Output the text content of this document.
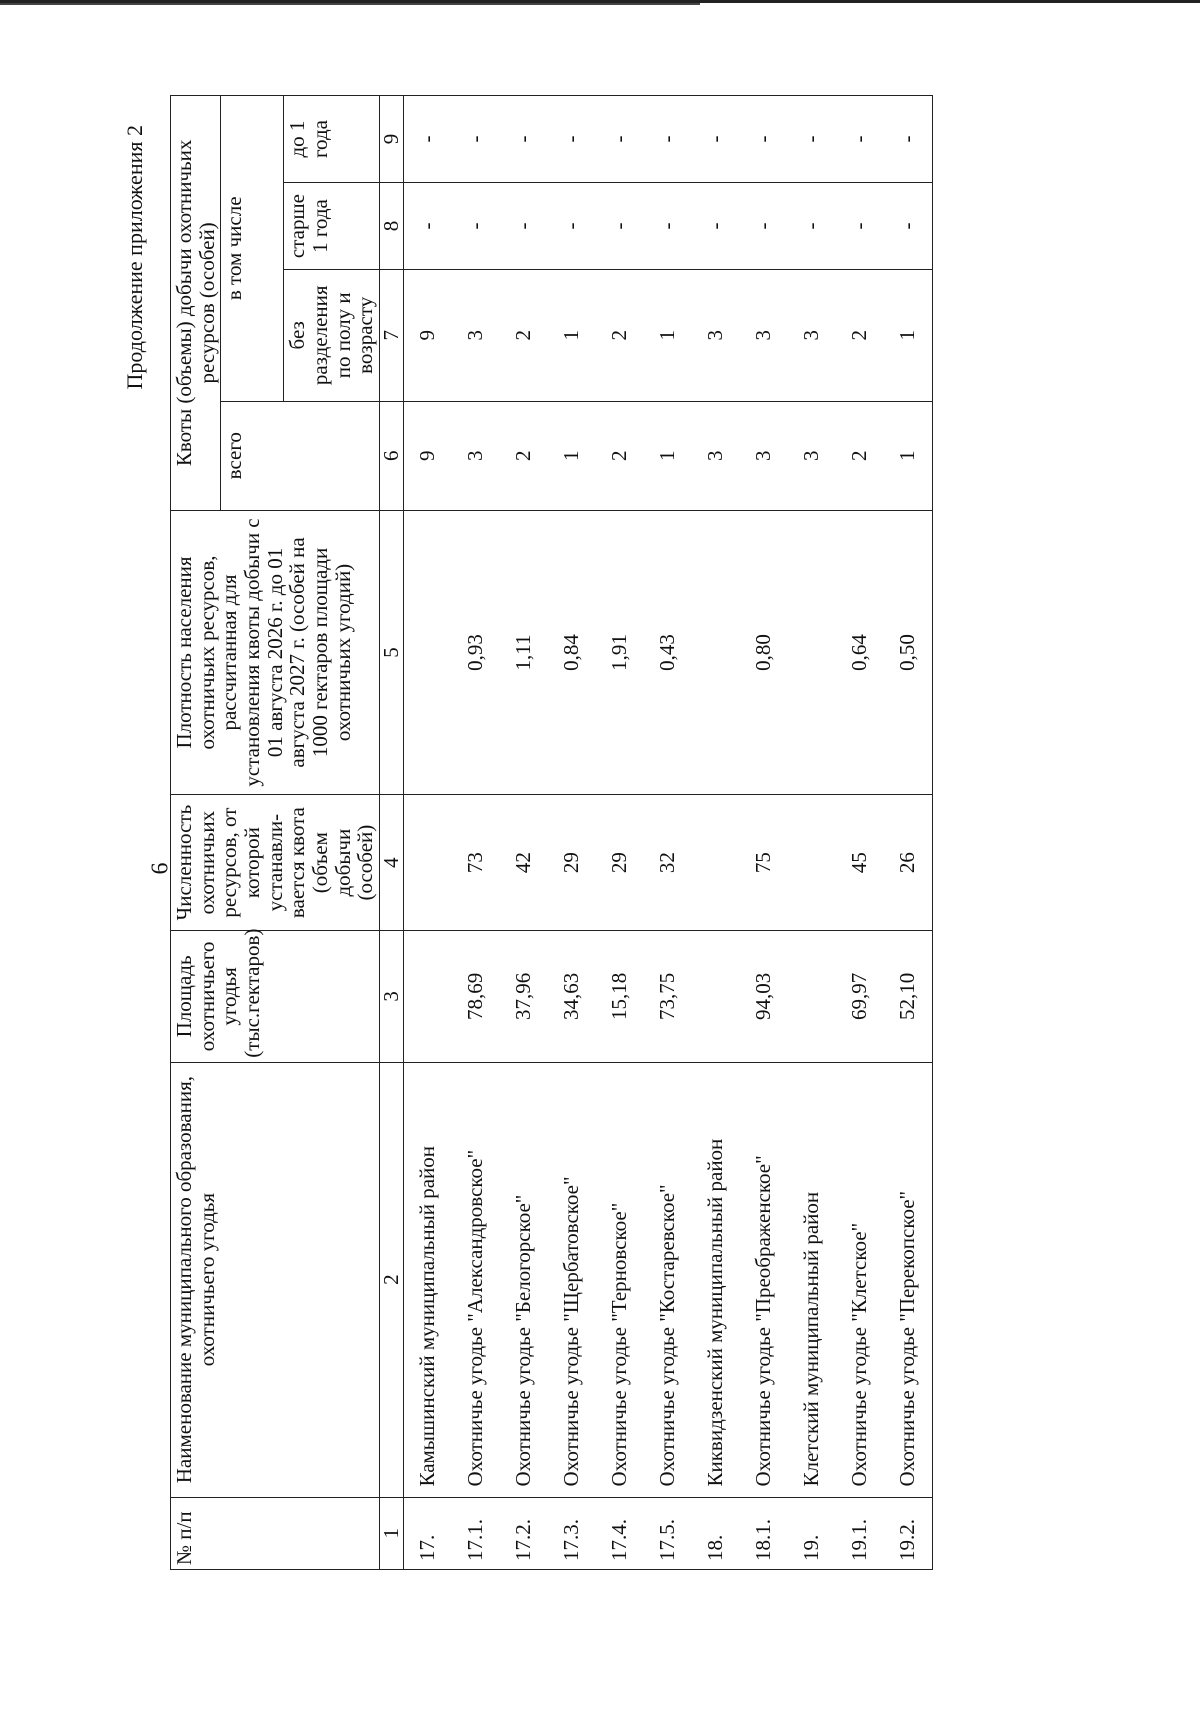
6
Продолжение приложения 2
№ п/п	Наименование муниципального образования, охотничьего угодья	Площадь охотничьего угодья (тыс.гектаров)	Численность охотничьих ресурсов, от которой устанавли-вается квота (объем добычи (особей)	Плотность населения охотничьих ресурсов, рассчитанная для установления квоты добычи с 01 августа 2026 г. до 01 августа 2027 г. (особей на 1000 гектаров площади охотничьих угодий)	Квоты (объемы) добычи охотничьих ресурсов (особей)			
					всего	в том числе		
						без разделения по полу и возрасту	старше 1 года	до 1 года
1	2	3	4	5	6	7	8	9
17.	Камышинский муниципальный район				9	9	-	-
17.1.	Охотничье угодье "Александровское"	78,69	73	0,93	3	3	-	-
17.2.	Охотничье угодье "Белогорское"	37,96	42	1,11	2	2	-	-
17.3.	Охотничье угодье "Щербатовское"	34,63	29	0,84	1	1	-	-
17.4.	Охотничье угодье "Терновское"	15,18	29	1,91	2	2	-	-
17.5.	Охотничье угодье "Костаревское"	73,75	32	0,43	1	1	-	-
18.	Киквидзенский муниципальный район				3	3	-	-
18.1.	Охотничье угодье "Преображенское"	94,03	75	0,80	3	3	-	-
19.	Клетский муниципальный район				3	3	-	-
19.1.	Охотничье угодье "Клетское"	69,97	45	0,64	2	2	-	-
19.2.	Охотничье угодье "Перекопское"	52,10	26	0,50	1	1	-	-
